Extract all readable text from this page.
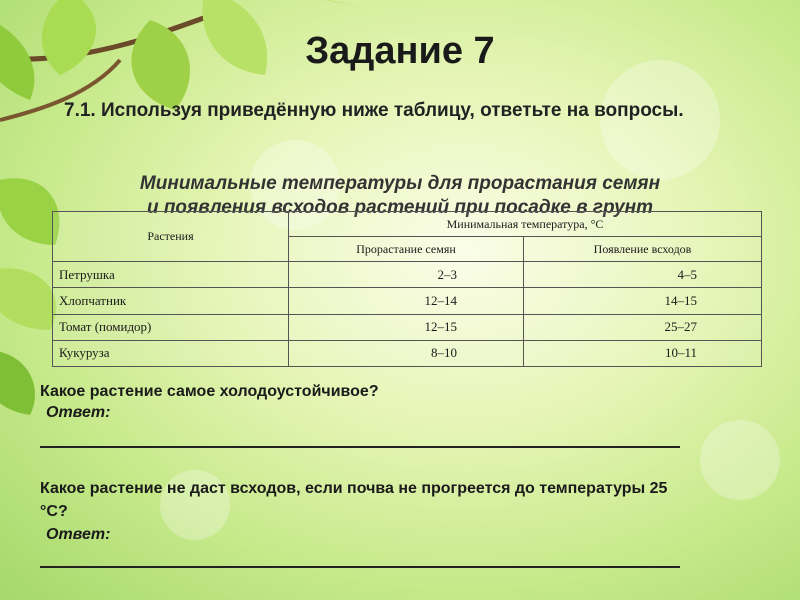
Задание 7
7.1. Используя приведённую ниже таблицу, ответьте на вопросы.
Минимальные температуры для прорастания семян
и появления всходов растений при посадке в грунт
Растения	Минимальная температура, °С	
	Прорастание семян	Появление всходов
Петрушка	2–3	4–5
Хлопчатник	12–14	14–15
Томат (помидор)	12–15	25–27
Кукуруза	8–10	10–11
Какое растение самое холодоустойчивое?
Ответ:
Какое растение не даст всходов, если почва не прогреется до температуры 25 °С?
Ответ:
